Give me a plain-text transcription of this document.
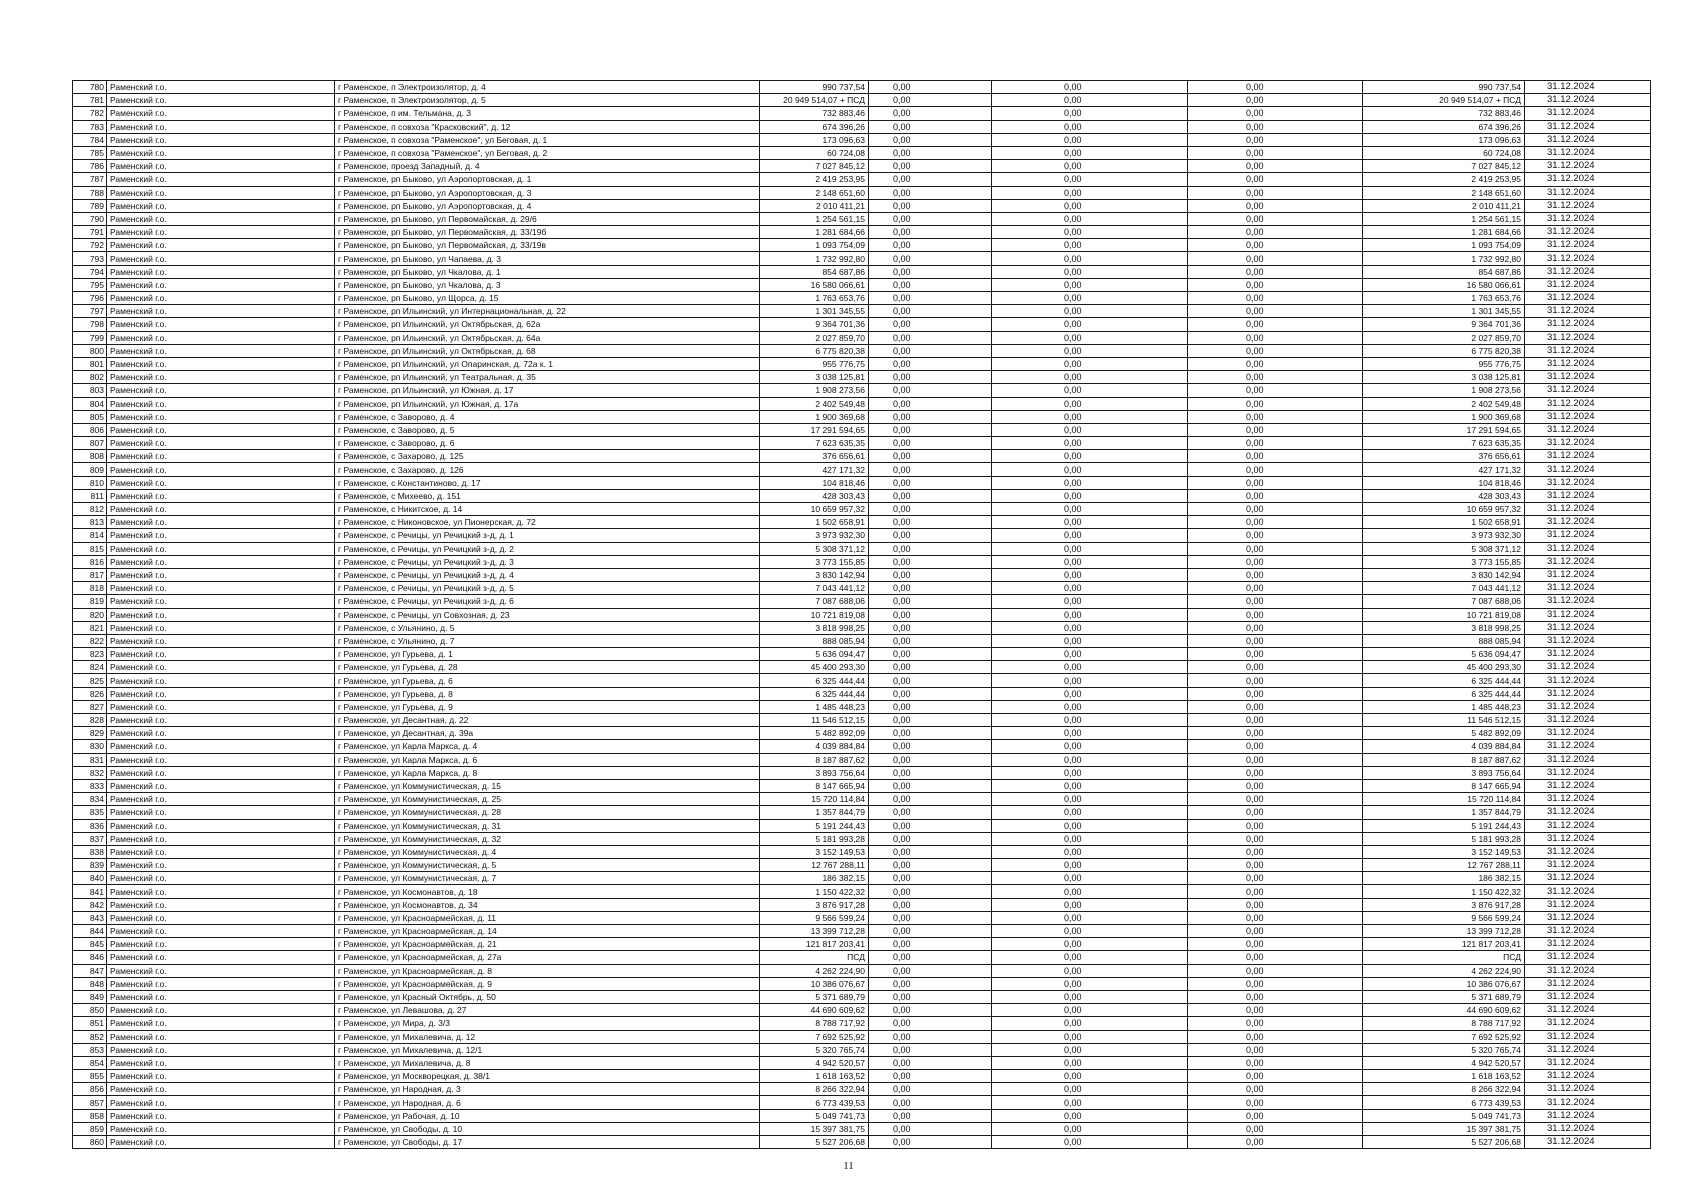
780	Раменский г.о.	г Раменское, п Электроизолятор, д. 4	990 737,54	0,00	0,00	0,00	990 737,54	31.12.2024
781	Раменский г.о.	г Раменское, п Электроизолятор, д. 5	20 949 514,07 + ПСД	0,00	0,00	0,00	20 949 514,07 + ПСД	31.12.2024
782	Раменский г.о.	г Раменское, п им. Тельмана, д. 3	732 883,46	0,00	0,00	0,00	732 883,46	31.12.2024
783	Раменский г.о.	г Раменское, п совхоза "Красковский", д. 12	674 396,26	0,00	0,00	0,00	674 396,26	31.12.2024
784	Раменский г.о.	г Раменское, п совхоза "Раменское", ул Беговая, д. 1	173 096,63	0,00	0,00	0,00	173 096,63	31.12.2024
785	Раменский г.о.	г Раменское, п совхоза "Раменское", ул Беговая, д. 2	60 724,08	0,00	0,00	0,00	60 724,08	31.12.2024
786	Раменский г.о.	г Раменское, проезд Западный, д. 4	7 027 845,12	0,00	0,00	0,00	7 027 845,12	31.12.2024
787	Раменский г.о.	г Раменское, рп Быково, ул Аэропортовская, д. 1	2 419 253,95	0,00	0,00	0,00	2 419 253,95	31.12.2024
788	Раменский г.о.	г Раменское, рп Быково, ул Аэропортовская, д. 3	2 148 651,60	0,00	0,00	0,00	2 148 651,60	31.12.2024
789	Раменский г.о.	г Раменское, рп Быково, ул Аэропортовская, д. 4	2 010 411,21	0,00	0,00	0,00	2 010 411,21	31.12.2024
790	Раменский г.о.	г Раменское, рп Быково, ул Первомайская, д. 29/6	1 254 561,15	0,00	0,00	0,00	1 254 561,15	31.12.2024
791	Раменский г.о.	г Раменское, рп Быково, ул Первомайская, д. 33/19б	1 281 684,66	0,00	0,00	0,00	1 281 684,66	31.12.2024
792	Раменский г.о.	г Раменское, рп Быково, ул Первомайская, д. 33/19в	1 093 754,09	0,00	0,00	0,00	1 093 754,09	31.12.2024
793	Раменский г.о.	г Раменское, рп Быково, ул Чапаева, д. 3	1 732 992,80	0,00	0,00	0,00	1 732 992,80	31.12.2024
794	Раменский г.о.	г Раменское, рп Быково, ул Чкалова, д. 1	854 687,86	0,00	0,00	0,00	854 687,86	31.12.2024
795	Раменский г.о.	г Раменское, рп Быково, ул Чкалова, д. 3	16 580 066,61	0,00	0,00	0,00	16 580 066,61	31.12.2024
796	Раменский г.о.	г Раменское, рп Быково, ул Щорса, д. 15	1 763 653,76	0,00	0,00	0,00	1 763 653,76	31.12.2024
797	Раменский г.о.	г Раменское, рп Ильинский, ул Интернациональная, д. 22	1 301 345,55	0,00	0,00	0,00	1 301 345,55	31.12.2024
798	Раменский г.о.	г Раменское, рп Ильинский, ул Октябрьская, д. 62а	9 364 701,36	0,00	0,00	0,00	9 364 701,36	31.12.2024
799	Раменский г.о.	г Раменское, рп Ильинский, ул Октябрьская, д. 64а	2 027 859,70	0,00	0,00	0,00	2 027 859,70	31.12.2024
800	Раменский г.о.	г Раменское, рп Ильинский, ул Октябрьская, д. 68	6 775 820,38	0,00	0,00	0,00	6 775 820,38	31.12.2024
801	Раменский г.о.	г Раменское, рп Ильинский, ул Опаринская, д. 72а к. 1	955 776,75	0,00	0,00	0,00	955 776,75	31.12.2024
802	Раменский г.о.	г Раменское, рп Ильинский, ул Театральная, д. 35	3 038 125,81	0,00	0,00	0,00	3 038 125,81	31.12.2024
803	Раменский г.о.	г Раменское, рп Ильинский, ул Южная, д. 17	1 908 273,56	0,00	0,00	0,00	1 908 273,56	31.12.2024
804	Раменский г.о.	г Раменское, рп Ильинский, ул Южная, д. 17а	2 402 549,48	0,00	0,00	0,00	2 402 549,48	31.12.2024
805	Раменский г.о.	г Раменское, с Заворово, д. 4	1 900 369,68	0,00	0,00	0,00	1 900 369,68	31.12.2024
806	Раменский г.о.	г Раменское, с Заворово, д. 5	17 291 594,65	0,00	0,00	0,00	17 291 594,65	31.12.2024
807	Раменский г.о.	г Раменское, с Заворово, д. 6	7 623 635,35	0,00	0,00	0,00	7 623 635,35	31.12.2024
808	Раменский г.о.	г Раменское, с Захарово, д. 125	376 656,61	0,00	0,00	0,00	376 656,61	31.12.2024
809	Раменский г.о.	г Раменское, с Захарово, д. 126	427 171,32	0,00	0,00	0,00	427 171,32	31.12.2024
810	Раменский г.о.	г Раменское, с Константиново, д. 17	104 818,46	0,00	0,00	0,00	104 818,46	31.12.2024
811	Раменский г.о.	г Раменское, с Михеево, д. 151	428 303,43	0,00	0,00	0,00	428 303,43	31.12.2024
812	Раменский г.о.	г Раменское, с Никитское, д. 14	10 659 957,32	0,00	0,00	0,00	10 659 957,32	31.12.2024
813	Раменский г.о.	г Раменское, с Никоновское, ул Пионерская, д. 72	1 502 658,91	0,00	0,00	0,00	1 502 658,91	31.12.2024
814	Раменский г.о.	г Раменское, с Речицы, ул Речицкий з-д, д. 1	3 973 932,30	0,00	0,00	0,00	3 973 932,30	31.12.2024
815	Раменский г.о.	г Раменское, с Речицы, ул Речицкий з-д, д. 2	5 308 371,12	0,00	0,00	0,00	5 308 371,12	31.12.2024
816	Раменский г.о.	г Раменское, с Речицы, ул Речицкий з-д, д. 3	3 773 155,85	0,00	0,00	0,00	3 773 155,85	31.12.2024
817	Раменский г.о.	г Раменское, с Речицы, ул Речицкий з-д, д. 4	3 830 142,94	0,00	0,00	0,00	3 830 142,94	31.12.2024
818	Раменский г.о.	г Раменское, с Речицы, ул Речицкий з-д, д. 5	7 043 441,12	0,00	0,00	0,00	7 043 441,12	31.12.2024
819	Раменский г.о.	г Раменское, с Речицы, ул Речицкий з-д, д. 6	7 087 688,06	0,00	0,00	0,00	7 087 688,06	31.12.2024
820	Раменский г.о.	г Раменское, с Речицы, ул Совхозная, д. 23	10 721 819,08	0,00	0,00	0,00	10 721 819,08	31.12.2024
821	Раменский г.о.	г Раменское, с Ульянино, д. 5	3 818 998,25	0,00	0,00	0,00	3 818 998,25	31.12.2024
822	Раменский г.о.	г Раменское, с Ульянино, д. 7	888 085,94	0,00	0,00	0,00	888 085,94	31.12.2024
823	Раменский г.о.	г Раменское, ул Гурьева, д. 1	5 636 094,47	0,00	0,00	0,00	5 636 094,47	31.12.2024
824	Раменский г.о.	г Раменское, ул Гурьева, д. 28	45 400 293,30	0,00	0,00	0,00	45 400 293,30	31.12.2024
825	Раменский г.о.	г Раменское, ул Гурьева, д. 6	6 325 444,44	0,00	0,00	0,00	6 325 444,44	31.12.2024
826	Раменский г.о.	г Раменское, ул Гурьева, д. 8	6 325 444,44	0,00	0,00	0,00	6 325 444,44	31.12.2024
827	Раменский г.о.	г Раменское, ул Гурьева, д. 9	1 485 448,23	0,00	0,00	0,00	1 485 448,23	31.12.2024
828	Раменский г.о.	г Раменское, ул Десантная, д. 22	11 546 512,15	0,00	0,00	0,00	11 546 512,15	31.12.2024
829	Раменский г.о.	г Раменское, ул Десантная, д. 39а	5 482 892,09	0,00	0,00	0,00	5 482 892,09	31.12.2024
830	Раменский г.о.	г Раменское, ул Карла Маркса, д. 4	4 039 884,84	0,00	0,00	0,00	4 039 884,84	31.12.2024
831	Раменский г.о.	г Раменское, ул Карла Маркса, д. 6	8 187 887,62	0,00	0,00	0,00	8 187 887,62	31.12.2024
832	Раменский г.о.	г Раменское, ул Карла Маркса, д. 8	3 893 756,64	0,00	0,00	0,00	3 893 756,64	31.12.2024
833	Раменский г.о.	г Раменское, ул Коммунистическая, д. 15	8 147 665,94	0,00	0,00	0,00	8 147 665,94	31.12.2024
834	Раменский г.о.	г Раменское, ул Коммунистическая, д. 25	15 720 114,84	0,00	0,00	0,00	15 720 114,84	31.12.2024
835	Раменский г.о.	г Раменское, ул Коммунистическая, д. 28	1 357 844,79	0,00	0,00	0,00	1 357 844,79	31.12.2024
836	Раменский г.о.	г Раменское, ул Коммунистическая, д. 31	5 191 244,43	0,00	0,00	0,00	5 191 244,43	31.12.2024
837	Раменский г.о.	г Раменское, ул Коммунистическая, д. 32	5 181 993,28	0,00	0,00	0,00	5 181 993,28	31.12.2024
838	Раменский г.о.	г Раменское, ул Коммунистическая, д. 4	3 152 149,53	0,00	0,00	0,00	3 152 149,53	31.12.2024
839	Раменский г.о.	г Раменское, ул Коммунистическая, д. 5	12 767 288,11	0,00	0,00	0,00	12 767 288,11	31.12.2024
840	Раменский г.о.	г Раменское, ул Коммунистическая, д. 7	186 382,15	0,00	0,00	0,00	186 382,15	31.12.2024
841	Раменский г.о.	г Раменское, ул Космонавтов, д. 18	1 150 422,32	0,00	0,00	0,00	1 150 422,32	31.12.2024
842	Раменский г.о.	г Раменское, ул Космонавтов, д. 34	3 876 917,28	0,00	0,00	0,00	3 876 917,28	31.12.2024
843	Раменский г.о.	г Раменское, ул Красноармейская, д. 11	9 566 599,24	0,00	0,00	0,00	9 566 599,24	31.12.2024
844	Раменский г.о.	г Раменское, ул Красноармейская, д. 14	13 399 712,28	0,00	0,00	0,00	13 399 712,28	31.12.2024
845	Раменский г.о.	г Раменское, ул Красноармейская, д. 21	121 817 203,41	0,00	0,00	0,00	121 817 203,41	31.12.2024
846	Раменский г.о.	г Раменское, ул Красноармейская, д. 27а	ПСД	0,00	0,00	0,00	ПСД	31.12.2024
847	Раменский г.о.	г Раменское, ул Красноармейская, д. 8	4 262 224,90	0,00	0,00	0,00	4 262 224,90	31.12.2024
848	Раменский г.о.	г Раменское, ул Красноармейская, д. 9	10 386 076,67	0,00	0,00	0,00	10 386 076,67	31.12.2024
849	Раменский г.о.	г Раменское, ул Красный Октябрь, д. 50	5 371 689,79	0,00	0,00	0,00	5 371 689,79	31.12.2024
850	Раменский г.о.	г Раменское, ул Левашова, д. 27	44 690 609,62	0,00	0,00	0,00	44 690 609,62	31.12.2024
851	Раменский г.о.	г Раменское, ул Мира, д. 3/3	8 788 717,92	0,00	0,00	0,00	8 788 717,92	31.12.2024
852	Раменский г.о.	г Раменское, ул Михалевича, д. 12	7 692 525,92	0,00	0,00	0,00	7 692 525,92	31.12.2024
853	Раменский г.о.	г Раменское, ул Михалевича, д. 12/1	5 320 765,74	0,00	0,00	0,00	5 320 765,74	31.12.2024
854	Раменский г.о.	г Раменское, ул Михалевича, д. 8	4 942 520,57	0,00	0,00	0,00	4 942 520,57	31.12.2024
855	Раменский г.о.	г Раменское, ул Москворецкая, д. 38/1	1 618 163,52	0,00	0,00	0,00	1 618 163,52	31.12.2024
856	Раменский г.о.	г Раменское, ул Народная, д. 3	8 266 322,94	0,00	0,00	0,00	8 266 322,94	31.12.2024
857	Раменский г.о.	г Раменское, ул Народная, д. 6	6 773 439,53	0,00	0,00	0,00	6 773 439,53	31.12.2024
858	Раменский г.о.	г Раменское, ул Рабочая, д. 10	5 049 741,73	0,00	0,00	0,00	5 049 741,73	31.12.2024
859	Раменский г.о.	г Раменское, ул Свободы, д. 10	15 397 381,75	0,00	0,00	0,00	15 397 381,75	31.12.2024
860	Раменский г.о.	г Раменское, ул Свободы, д. 17	5 527 206,68	0,00	0,00	0,00	5 527 206,68	31.12.2024
11
